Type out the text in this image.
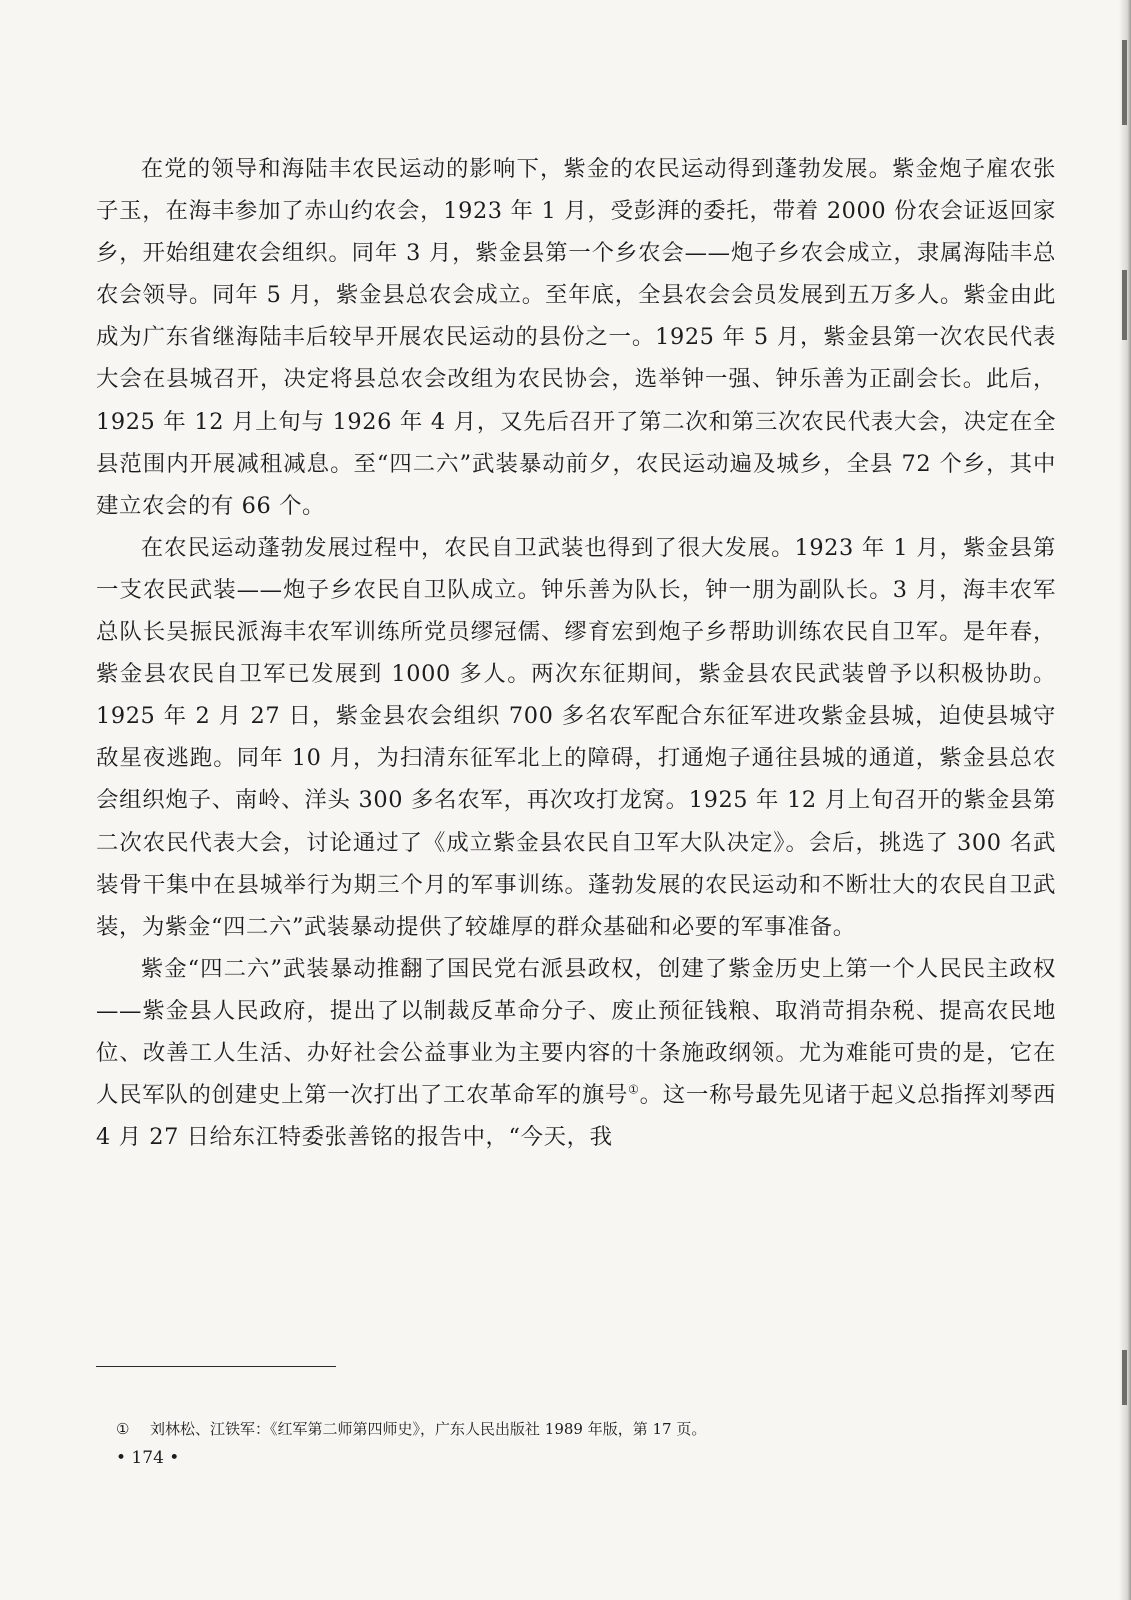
在党的领导和海陆丰农民运动的影响下，紫金的农民运动得到蓬勃发展。紫金炮子雇农张子玉，在海丰参加了赤山约农会，1923 年 1 月，受彭湃的委托，带着 2000 份农会证返回家乡，开始组建农会组织。同年 3 月，紫金县第一个乡农会——炮子乡农会成立，隶属海陆丰总农会领导。同年 5 月，紫金县总农会成立。至年底，全县农会会员发展到五万多人。紫金由此成为广东省继海陆丰后较早开展农民运动的县份之一。1925 年 5 月，紫金县第一次农民代表大会在县城召开，决定将县总农会改组为农民协会，选举钟一强、钟乐善为正副会长。此后，1925 年 12 月上旬与 1926 年 4 月，又先后召开了第二次和第三次农民代表大会，决定在全县范围内开展减租减息。至“四二六”武装暴动前夕，农民运动遍及城乡，全县 72 个乡，其中建立农会的有 66 个。

在农民运动蓬勃发展过程中，农民自卫武装也得到了很大发展。1923 年 1 月，紫金县第一支农民武装——炮子乡农民自卫队成立。钟乐善为队长，钟一朋为副队长。3 月，海丰农军总队长吴振民派海丰农军训练所党员缪冠儒、缪育宏到炮子乡帮助训练农民自卫军。是年春，紫金县农民自卫军已发展到 1000 多人。两次东征期间，紫金县农民武装曾予以积极协助。1925 年 2 月 27 日，紫金县农会组织 700 多名农军配合东征军进攻紫金县城，迫使县城守敌星夜逃跑。同年 10 月，为扫清东征军北上的障碍，打通炮子通往县城的通道，紫金县总农会组织炮子、南岭、洋头 300 多名农军，再次攻打龙窝。1925 年 12 月上旬召开的紫金县第二次农民代表大会，讨论通过了《成立紫金县农民自卫军大队决定》。会后，挑选了 300 名武装骨干集中在县城举行为期三个月的军事训练。蓬勃发展的农民运动和不断壮大的农民自卫武装，为紫金“四二六”武装暴动提供了较雄厚的群众基础和必要的军事准备。

紫金“四二六”武装暴动推翻了国民党右派县政权，创建了紫金历史上第一个人民民主政权——紫金县人民政府，提出了以制裁反革命分子、废止预征钱粮、取消苛捐杂税、提高农民地位、改善工人生活、办好社会公益事业为主要内容的十条施政纲领。尤为难能可贵的是，它在人民军队的创建史上第一次打出了工农革命军的旗号①。这一称号最先见诸于起义总指挥刘琴西 4 月 27 日给东江特委张善铭的报告中，“今天，我

① 刘林松、江铁军：《红军第二师第四师史》，广东人民出版社 1989 年版，第 17 页。
• 174 •
